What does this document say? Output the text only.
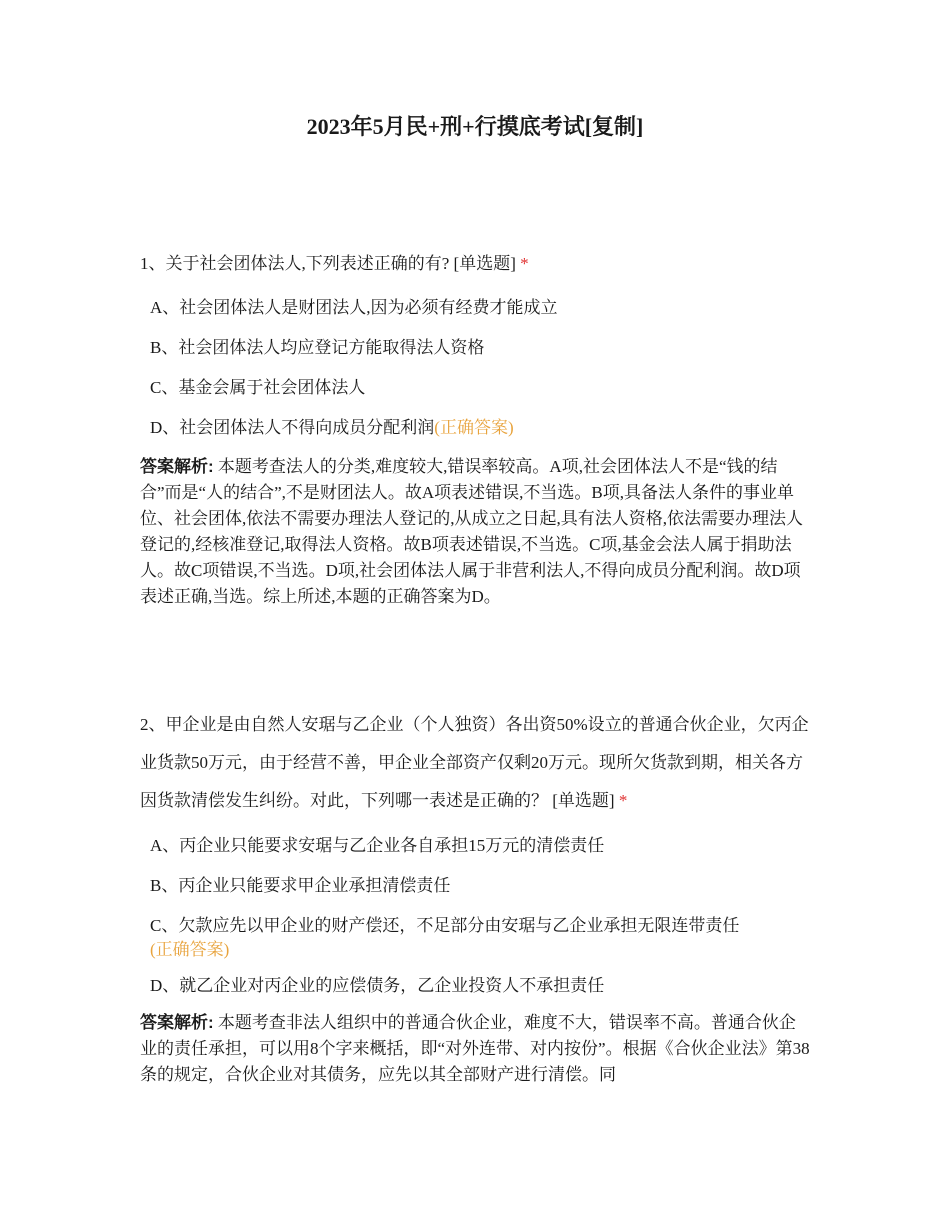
2023年5月民+刑+行摸底考试[复制]

1、关于社会团体法人,下列表述正确的有? [单选题] *

A、社会团体法人是财团法人,因为必须有经费才能成立
B、社会团体法人均应登记方能取得法人资格
C、基金会属于社会团体法人
D、社会团体法人不得向成员分配利润(正确答案)

答案解析: 本题考查法人的分类,难度较大,错误率较高。A项,社会团体法人不是“钱的结合”而是“人的结合”,不是财团法人。故A项表述错误,不当选。B项,具备法人条件的事业单位、社会团体,依法不需要办理法人登记的,从成立之日起,具有法人资格,依法需要办理法人登记的,经核准登记,取得法人资格。故B项表述错误,不当选。C项,基金会法人属于捐助法人。故C项错误,不当选。D项,社会团体法人属于非营利法人,不得向成员分配利润。故D项表述正确,当选。综上所述,本题的正确答案为D。

2、甲企业是由自然人安琚与乙企业（个人独资）各出资50%设立的普通合伙企业，欠丙企业货款50万元，由于经营不善，甲企业全部资产仅剩20万元。现所欠货款到期，相关各方因货款清偿发生纠纷。对此，下列哪一表述是正确的？ [单选题] *

A、丙企业只能要求安琚与乙企业各自承担15万元的清偿责任
B、丙企业只能要求甲企业承担清偿责任
C、欠款应先以甲企业的财产偿还，不足部分由安琚与乙企业承担无限连带责任
(正确答案)
D、就乙企业对丙企业的应偿债务，乙企业投资人不承担责任

答案解析: 本题考查非法人组织中的普通合伙企业，难度不大，错误率不高。普通合伙企业的责任承担，可以用8个字来概括，即“对外连带、对内按份”。根据《合伙企业法》第38条的规定，合伙企业对其债务，应先以其全部财产进行清偿。同
